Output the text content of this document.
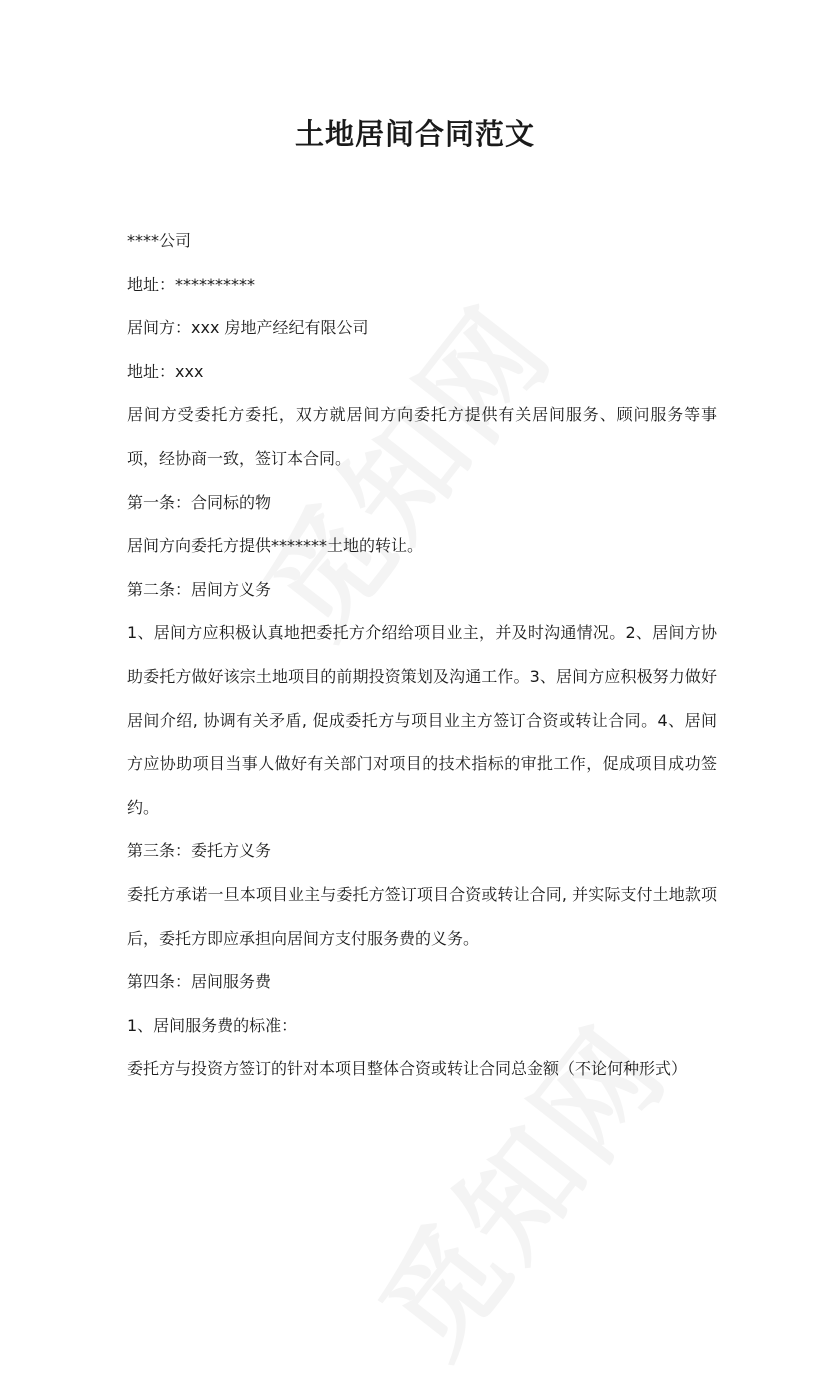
土地居间合同范文

****公司

地址：**********

居间方：xxx 房地产经纪有限公司

地址：xxx

居间方受委托方委托，双方就居间方向委托方提供有关居间服务、顾问服务等事项，经协商一致，签订本合同。

第一条：合同标的物

居间方向委托方提供*******土地的转让。

第二条：居间方义务

1、居间方应积极认真地把委托方介绍给项目业主，并及时沟通情况。2、居间方协助委托方做好该宗土地项目的前期投资策划及沟通工作。3、居间方应积极努力做好居间介绍, 协调有关矛盾, 促成委托方与项目业主方签订合资或转让合同。4、居间方应协助项目当事人做好有关部门对项目的技术指标的审批工作，促成项目成功签约。

第三条：委托方义务

委托方承诺一旦本项目业主与委托方签订项目合资或转让合同, 并实际支付土地款项后，委托方即应承担向居间方支付服务费的义务。

第四条：居间服务费

1、居间服务费的标准：

委托方与投资方签订的针对本项目整体合资或转让合同总金额（不论何种形式）
